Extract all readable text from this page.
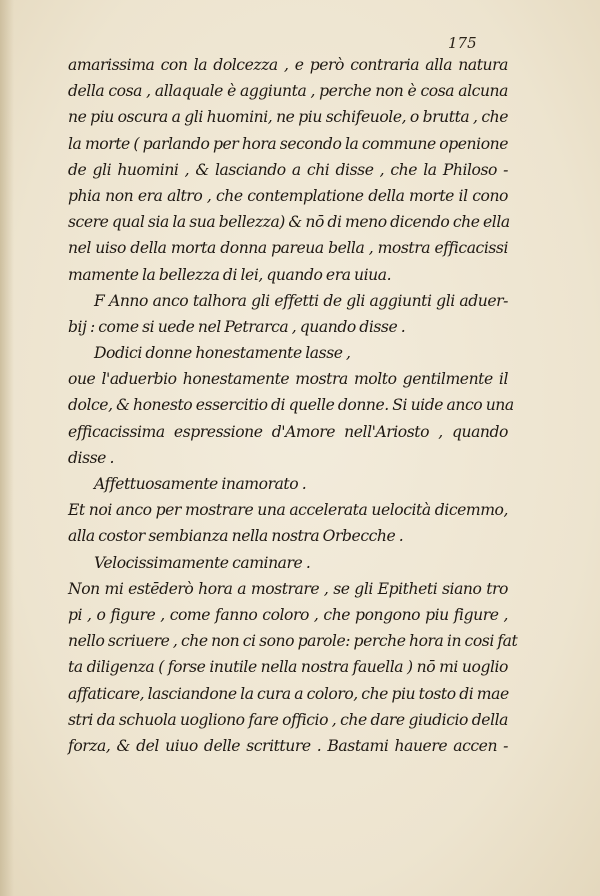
175
amarissima con la dolcezza , e però contraria alla natura
della cosa , allaquale è aggiunta , perche non è cosa alcuna
ne piu oscura a gli huomini, ne piu schifeuole, o brutta , che
la morte ( parlando per hora secondo la commune openione
de gli huomini , & lasciando a chi disse , che la Philoso -
phia non era altro , che contemplatione della morte il cono
scere qual sia la sua bellezza) & nō di meno dicendo che ella
nel uiso della morta donna pareua bella , mostra efficacissi
mamente la bellezza di lei, quando era uiua.
F Anno anco talhora gli effetti de gli aggiunti gli aduer-
bij : come si uede nel Petrarca , quando disse .
Dodici donne honestamente lasse ,
oue l'aduerbio honestamente mostra molto gentilmente il
dolce, & honesto essercitio di quelle donne. Si uide anco una
efficacissima espressione d'Amore nell'Ariosto , quando
disse .
Affettuosamente inamorato .
Et noi anco per mostrare una accelerata uelocità dicemmo,
alla costor sembianza nella nostra Orbecche .
Velocissimamente caminare .
Non mi estēderò hora a mostrare , se gli Epitheti siano tro
pi , o figure , come fanno coloro , che pongono piu figure ,
nello scriuere , che non ci sono parole: perche hora in cosi fat
ta diligenza ( forse inutile nella nostra fauella ) nō mi uoglio
affaticare, lasciandone la cura a coloro, che piu tosto di mae
stri da schuola uogliono fare officio , che dare giudicio della
forza, & del uiuo delle scritture . Bastami hauere accen -
